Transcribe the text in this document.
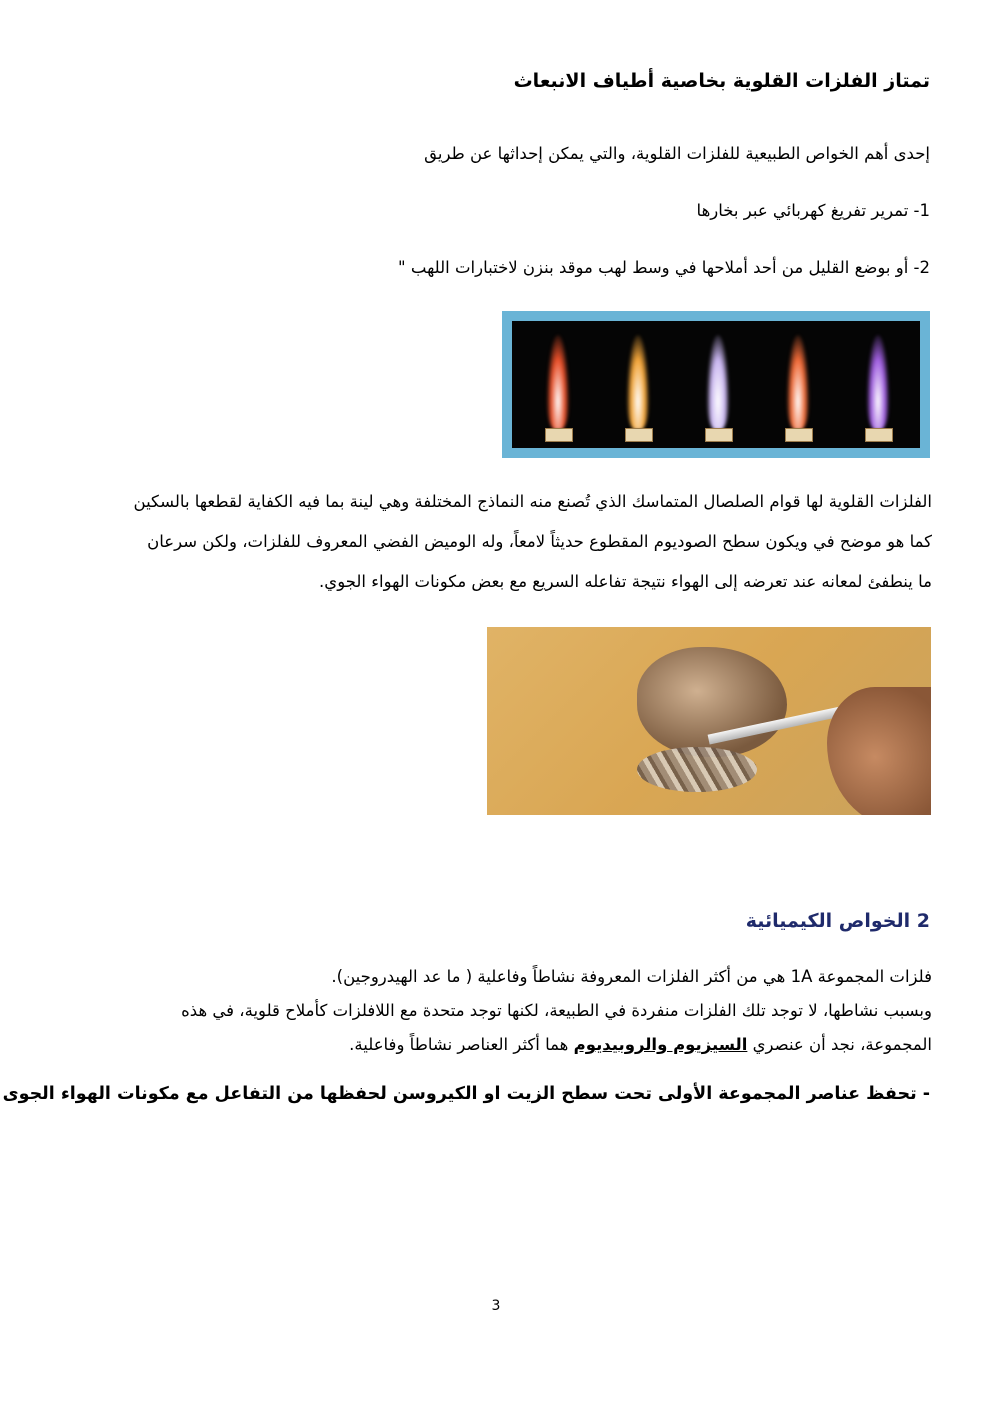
تمتاز الفلزات القلوية بخاصية أطياف الانبعاث
إحدى أهم الخواص الطبيعية للفلزات القلوية، والتي يمكن إحداثها عن طريق
1- تمرير تفريغ كهربائي عبر بخارها
2- أو بوضع القليل من أحد أملاحها في وسط لهب موقد بنزن لاختبارات اللهب "

الفلزات القلوية لها قوام الصلصال المتماسك الذي تُصنع منه النماذج المختلفة وهي لينة بما فيه الكفاية لقطعها بالسكين

كما هو موضح في ويكون سطح الصوديوم المقطوع حديثاً لامعاً، وله الوميض الفضي المعروف للفلزات، ولكن سرعان

ما ينطفئ لمعانه عند تعرضه إلى الهواء نتيجة تفاعله السريع مع بعض مكونات الهواء الجوي.

2 الخواص الكيميائية

فلزات المجموعة 1A هي من أكثر الفلزات المعروفة نشاطاً وفاعلية ( ما عد الهيدروجين).

وبسبب نشاطها، لا توجد تلك الفلزات منفردة في الطبيعة، لكنها توجد متحدة مع اللافلزات كأملاح قلوية، في هذه

المجموعة، نجد أن عنصري السيزيوم والروبيديوم هما أكثر العناصر نشاطاً وفاعلية.

- تحفظ عناصر المجموعة الأولى تحت سطح الزيت او الكيروسن لحفظها من التفاعل مع مكونات الهواء الجوى
3
